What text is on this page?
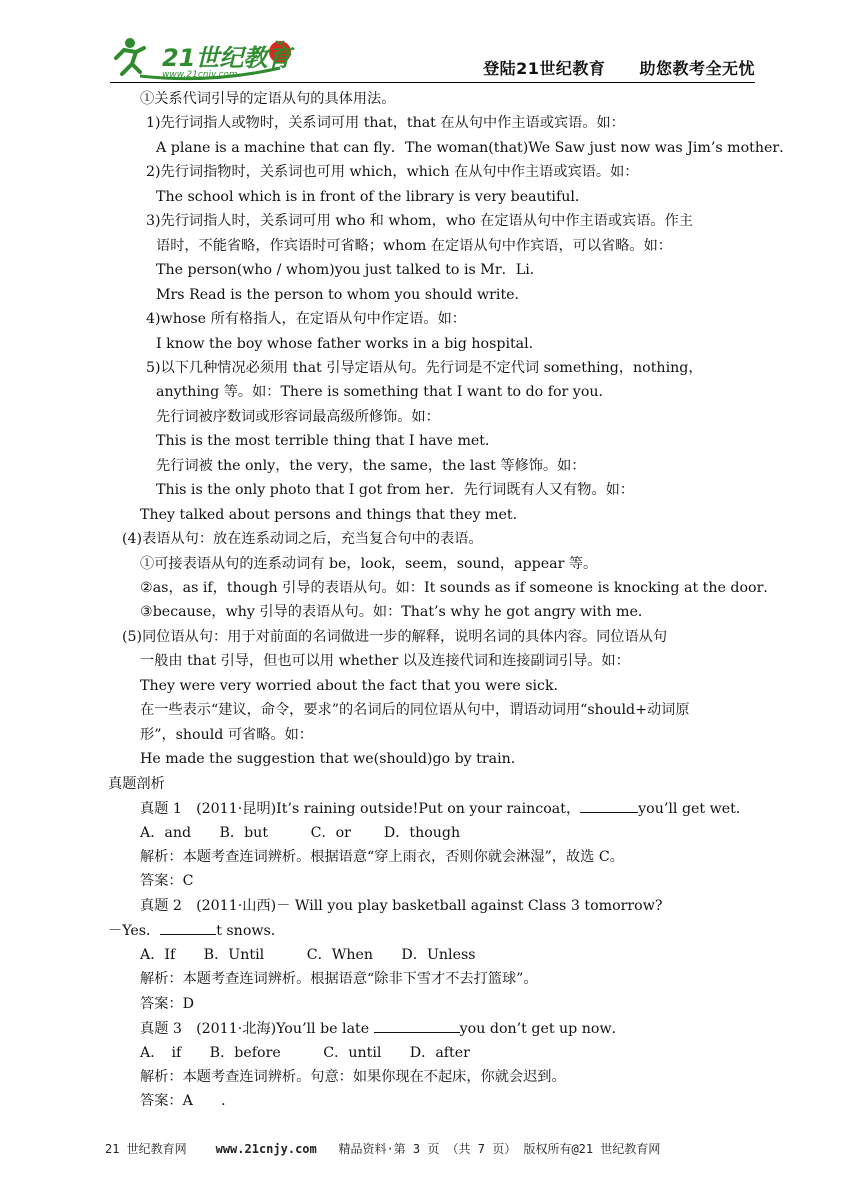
21世纪教育
www.21cnjy.com	登陆21世纪教育 助您教考全无忧
①关系代词引导的定语从句的具体用法。
1)先行词指人或物时，关系词可用 that，that 在从句中作主语或宾语。如：
A plane is a machine that can fly．The woman(that)We Saw just now was Jim’s mother．
2)先行词指物时，关系词也可用 which，which 在从句中作主语或宾语。如：
The school which is in front of the library is very beautiful．
3)先行词指人时，关系词可用 who 和 whom，who 在定语从句中作主语或宾语。作主
语时，不能省略，作宾语时可省略；whom 在定语从句中作宾语，可以省略。如：
The person(who / whom)you just talked to is Mr．Li．
Mrs Read is the person to whom you should write．
4)whose 所有格指人，在定语从句中作定语。如：
I know the boy whose father works in a big hospital．
5)以下几种情况必须用 that 引导定语从句。先行词是不定代词 something，nothing，
anything 等。如：There is something that I want to do for you．
先行词被序数词或形容词最高级所修饰。如：
This is the most terrible thing that I have met．
先行词被 the only，the very，the same，the last 等修饰。如：
This is the only photo that I got from her．先行词既有人又有物。如：
They talked about persons and things that they met．
(4)表语从句：放在连系动词之后，充当复合句中的表语。
①可接表语从句的连系动词有 be，look，seem，sound，appear 等。
②as，as if，though 引导的表语从句。如：It sounds as if someone is knocking at the door．
③because，why 引导的表语从句。如：That’s why he got angry with me．
(5)同位语从句：用于对前面的名词做进一步的解释，说明名词的具体内容。同位语从句
一般由 that 引导，但也可以用 whether 以及连接代词和连接副词引导。如：
They were very worried about the fact that you were sick．
在一些表示“建议，命令，要求”的名词后的同位语从句中，谓语动词用“should+动词原
形”，should 可省略。如：
He made the suggestion that we(should)go by train．
真题剖析
真题 1　(2011·昆明)It’s raining outside!Put on your raincoat，	you’ll get wet．
A．and　　B．but　　　C．or　　 D．though
解析：本题考查连词辨析。根据语意“穿上雨衣，否则你就会淋湿”，故选 C。
答案：C
真题 2　(2011·山西)－ Will you play basketball against Class 3 tomorrow?
－Yes．	t snows．
A．If　　B．Until　　　C．When　　D．Unless
解析：本题考查连词辨析。根据语意“除非下雪才不去打篮球”。
答案：D
真题 3　(2011·北海)You’ll be late	you don’t get up now．
A．　if　　B．before　　　C．until　　D．after
解析：本题考查连词辨析。句意：如果你现在不起床，你就会迟到。
答案：A　　．
21 世纪教育网 www.21cnjy.com 精品资料·第 3 页 （共 7 页） 版权所有@21 世纪教育网
